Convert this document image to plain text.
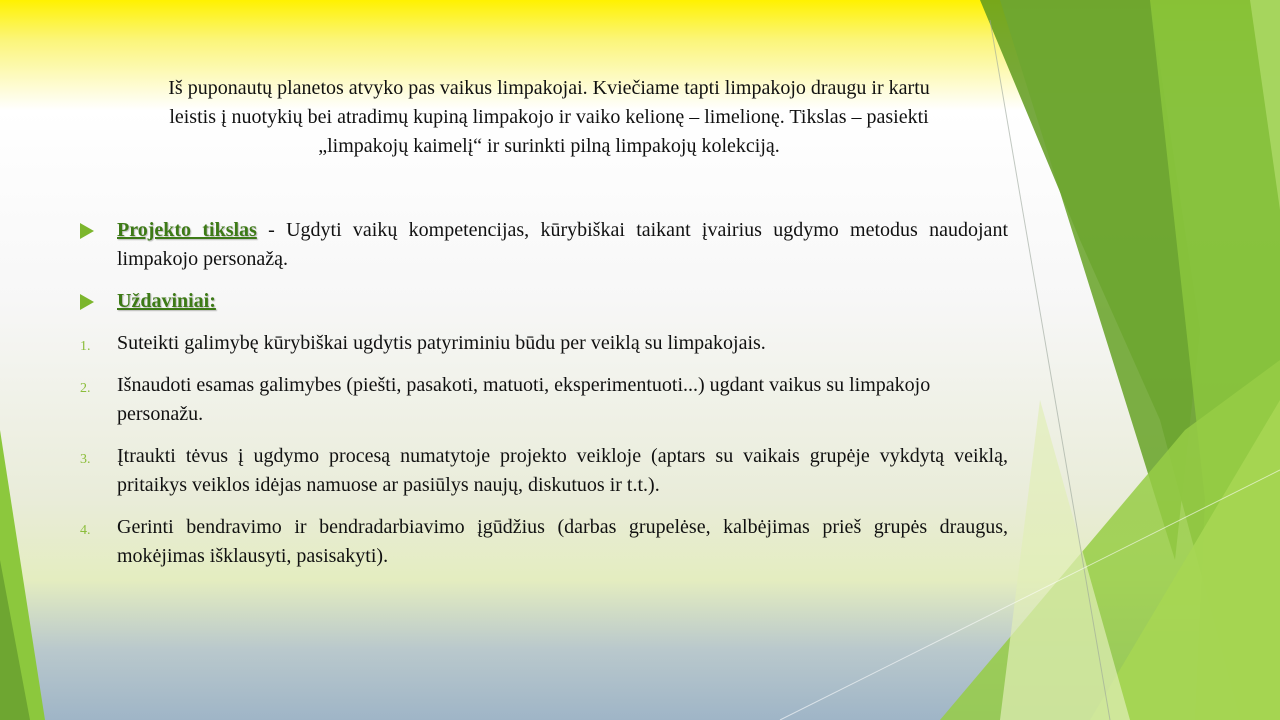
Iš puponautų planetos atvyko pas vaikus limpakojai. Kviečiame tapti limpakojo draugu ir kartu
leistis į nuotykių bei atradimų kupiną limpakojo ir vaiko kelionę – limelionę. Tikslas – pasiekti
„limpakojų kaimelį“ ir surinkti pilną limpakojų kolekciją.
Projekto tikslas - Ugdyti vaikų kompetencijas, kūrybiškai taikant įvairius ugdymo metodus naudojant limpakojo personažą.
Uždaviniai:
1. Suteikti galimybę kūrybiškai ugdytis patyriminiu būdu per veiklą su limpakojais.
2. Išnaudoti esamas galimybes (piešti, pasakoti, matuoti, eksperimentuoti...) ugdant vaikus su limpakojo personažu.
3. Įtraukti tėvus į ugdymo procesą numatytoje projekto veikloje (aptars su vaikais grupėje vykdytą veiklą, pritaikys veiklos idėjas namuose ar pasiūlys naujų, diskutuos ir t.t.).
4. Gerinti bendravimo ir bendradarbiavimo įgūdžius (darbas grupelėse, kalbėjimas prieš grupės draugus, mokėjimas išklausyti, pasisakyti).
